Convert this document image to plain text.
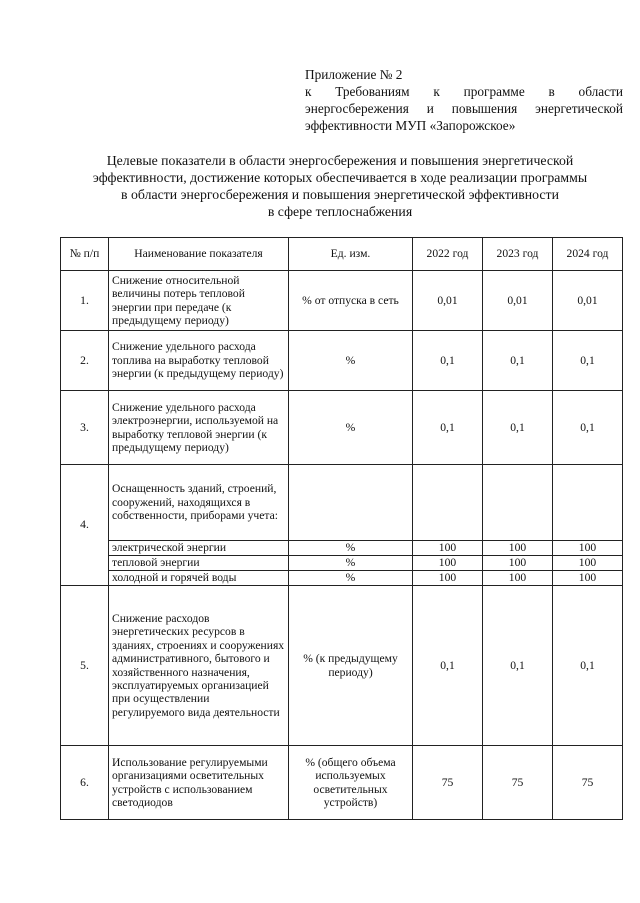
Приложение № 2
к Требованиям к программе в области энергосбережения и повышения энергетической эффективности МУП «Запорожское»
Целевые показатели в области энергосбережения и повышения энергетической
эффективности, достижение которых обеспечивается в ходе реализации программы
в области энергосбережения и повышения энергетической эффективности
в сфере теплоснабжения
№ п/п	Наименование показателя	Ед. изм.	2022 год	2023 год	2024 год
1.	Снижение относительной величины потерь тепловой энергии при передаче (к предыдущему периоду)	% от отпуска в сеть	0,01	0,01	0,01
2.	Снижение удельного расхода топлива на выработку тепловой энергии (к предыдущему периоду)	%	0,1	0,1	0,1
3.	Снижение удельного расхода электроэнергии, используемой на выработку тепловой энергии (к предыдущему периоду)	%	0,1	0,1	0,1
4.	Оснащенность зданий, строений, сооружений, находящихся в собственности, приборами учета:				
	электрической энергии	%	100	100	100
	тепловой энергии	%	100	100	100
	холодной и горячей воды	%	100	100	100
5.	Снижение расходов энергетических ресурсов в зданиях, строениях и сооружениях административного, бытового и хозяйственного назначения, эксплуатируемых организацией при осуществлении регулируемого вида деятельности	% (к предыдущему периоду)	0,1	0,1	0,1
6.	Использование регулируемыми организациями осветительных устройств с использованием светодиодов	% (общего объема используемых осветительных устройств)	75	75	75
